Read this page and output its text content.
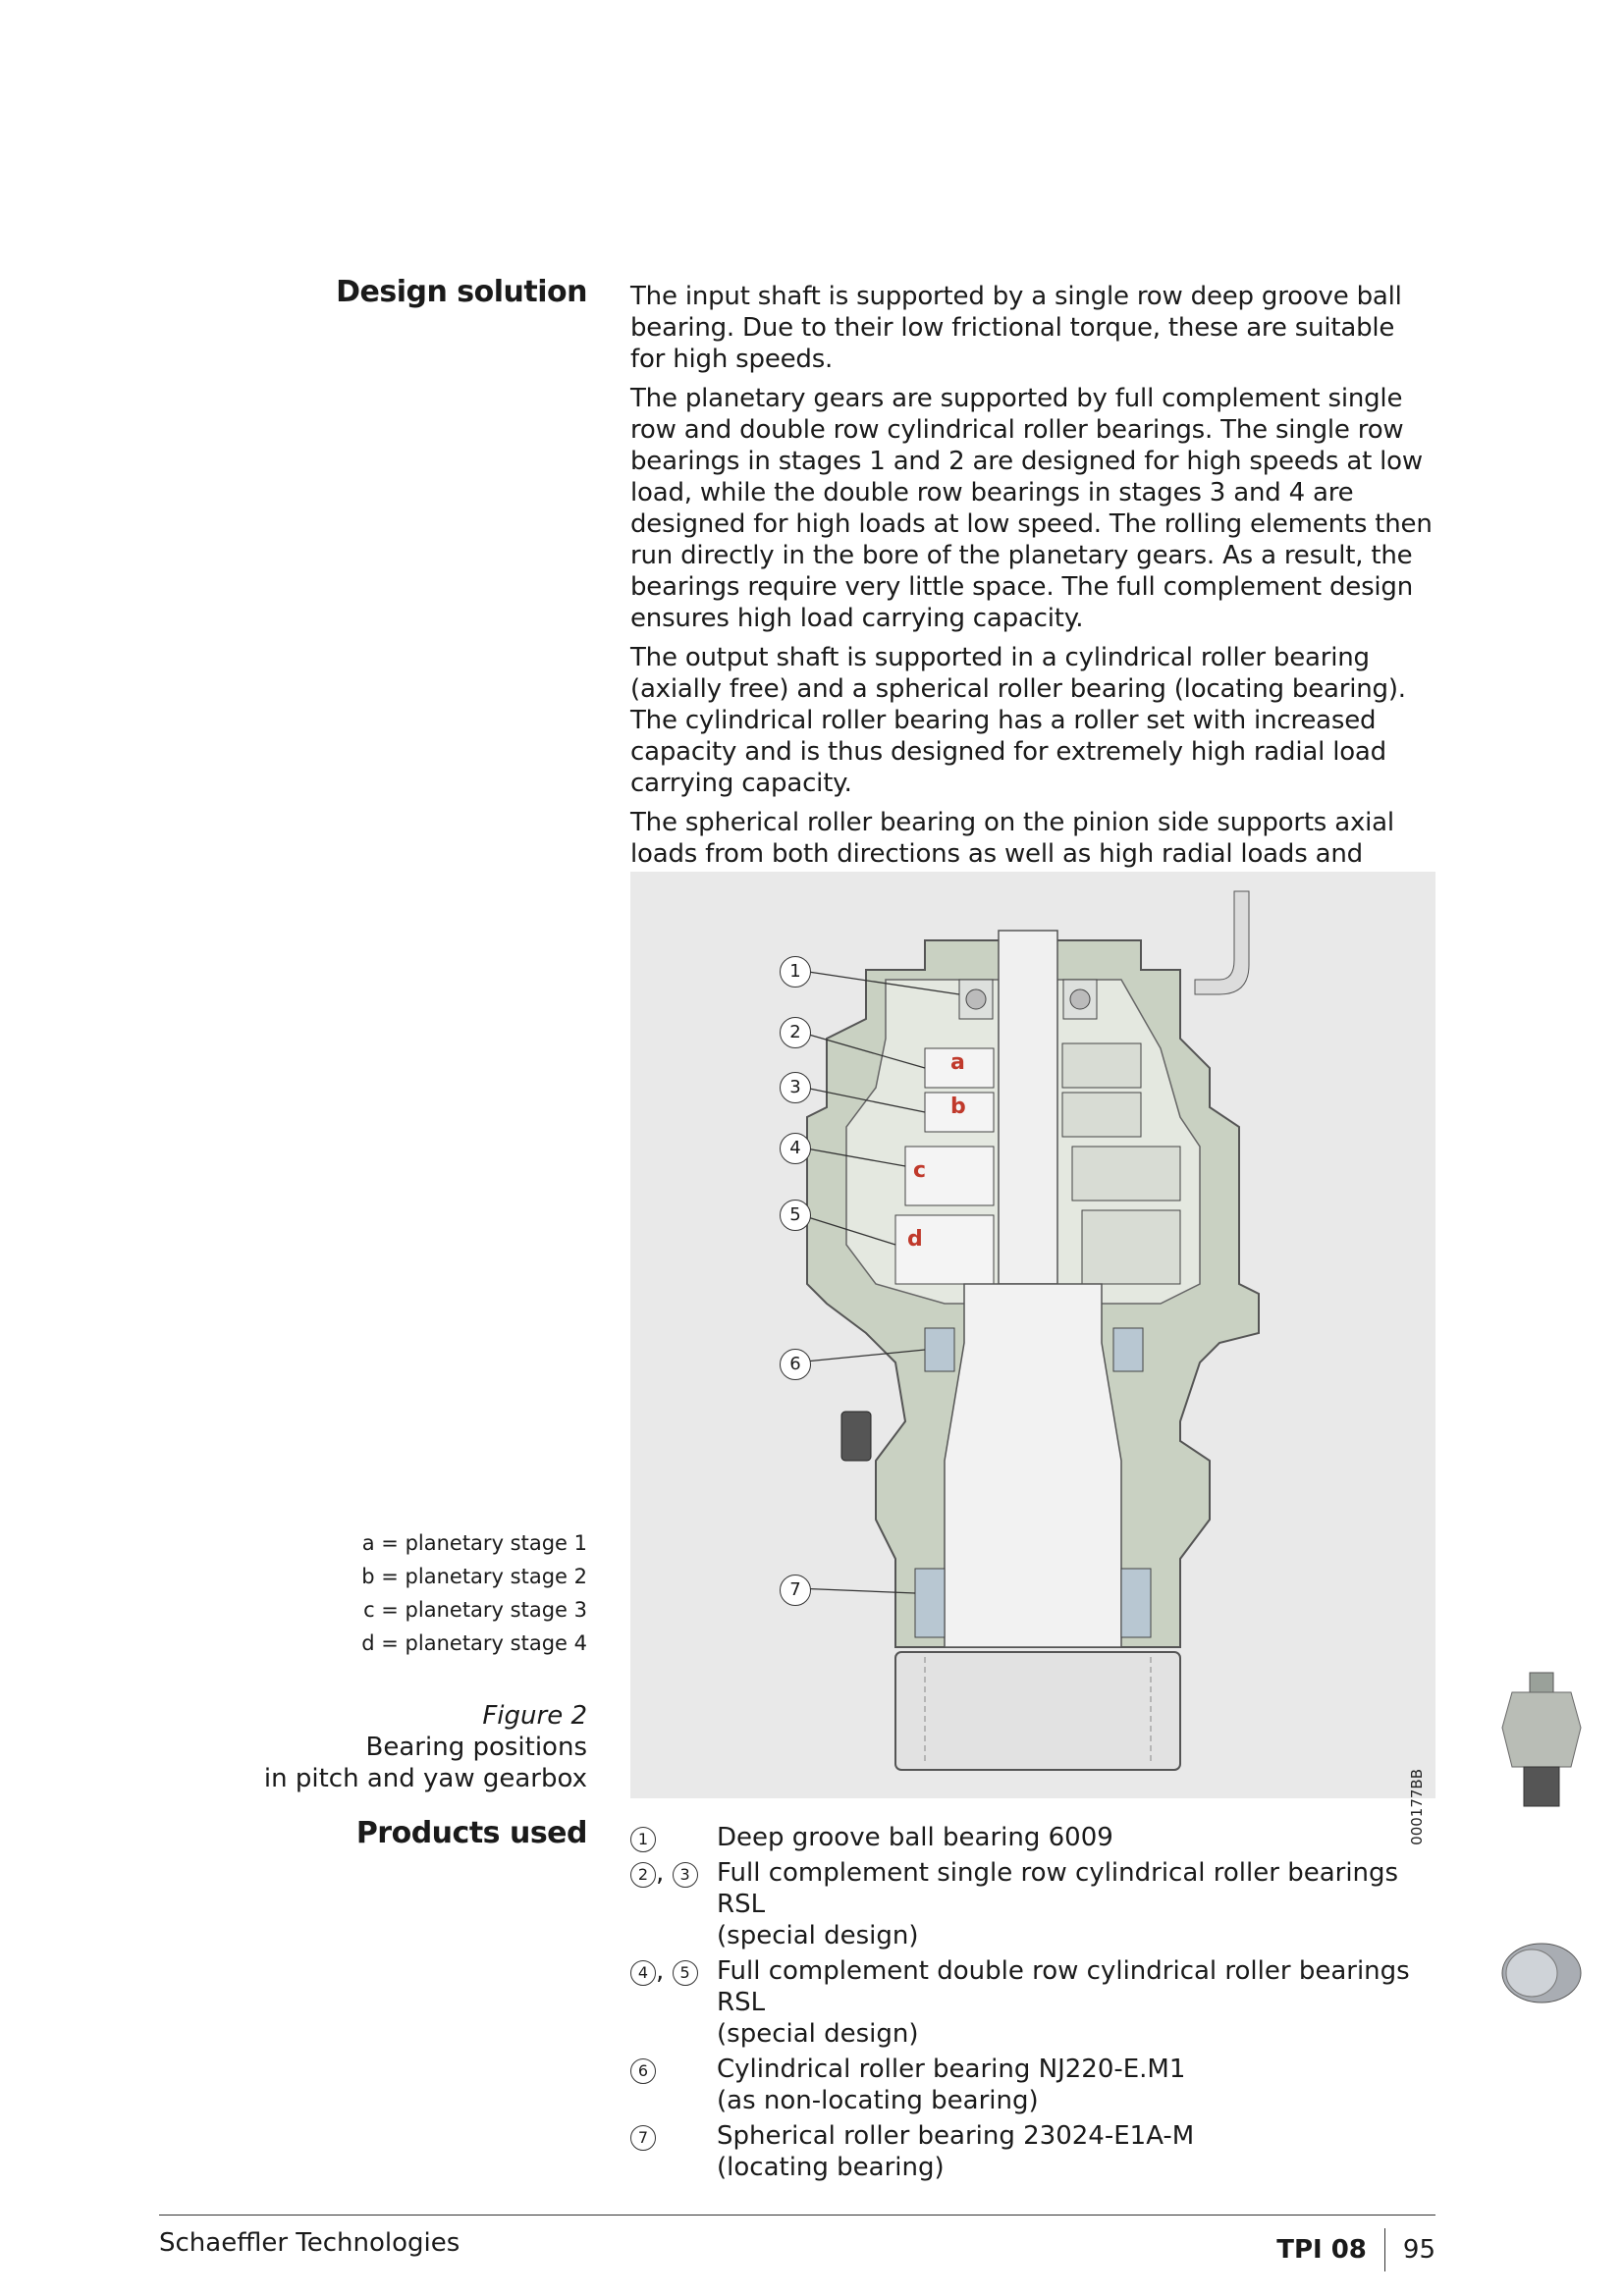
Design solution The input shaft is supported by a single row deep groove ball bearing. Due to their low frictional torque, these are suitable for high speeds.

The planetary gears are supported by full complement single row and double row cylindrical roller bearings. The single row bearings in stages 1 and 2 are designed for high speeds at low load, while the double row bearings in stages 3 and 4 are designed for high loads at low speed. The rolling elements then run directly in the bore of the planetary gears. As a result, the bearings require very little space. The full complement design ensures high load carrying capacity.

The output shaft is supported in a cylindrical roller bearing (axially free) and a spherical roller bearing (locating bearing). The cylindrical roller bearing has a roller set with increased capacity and is thus designed for extremely high radial load carrying capacity.

The spherical roller bearing on the pinion side supports axial loads from both directions as well as high radial loads and

1
2
3
4
5
6
7
a
b
c
d
000177BB
a = planetary stage 1
b = planetary stage 2
c = planetary stage 3
d = planetary stage 4
Figure 2
Bearing positions
in pitch and yaw gearbox
Products used	1	Deep groove ball bearing 6009
2 , 3	Full complement single row cylindrical roller bearings RSL
(special design)
4 , 5	Full complement double row cylindrical roller bearings RSL
(special design)
6	Cylindrical roller bearing NJ220-E.M1
(as non-locating bearing)
7	Spherical roller bearing 23024-E1A-M
(locating bearing)
Schaeffler Technologies	TPI 08 95
